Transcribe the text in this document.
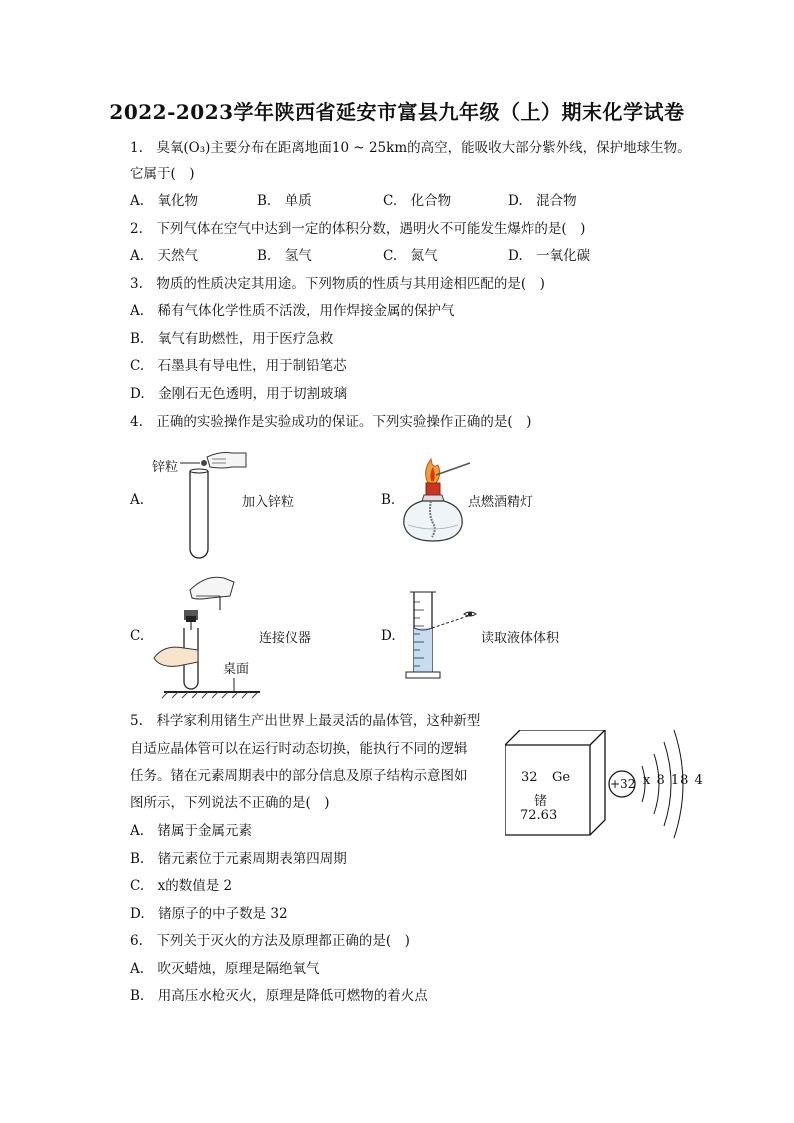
2022-2023学年陕西省延安市富县九年级（上）期末化学试卷
1.　臭氧(O₃)主要分布在距离地面10 ~ 25km的高空，能吸收大部分紫外线，保护地球生物。
它属于(　)
A.　氧化物	B.　单质	C.　化合物	D.　混合物
2.　下列气体在空气中达到一定的体积分数，遇明火不可能发生爆炸的是(　)
A.　天然气	B.　氢气	C.　氮气	D.　一氧化碳
3.　物质的性质决定其用途。下列物质的性质与其用途相匹配的是(　)
A.　稀有气体化学性质不活泼，用作焊接金属的保护气
B.　氧气有助燃性，用于医疗急救
C.　石墨具有导电性，用于制铅笔芯
D.　金刚石无色透明，用于切割玻璃
4.　正确的实验操作是实验成功的保证。下列实验操作正确的是(　)
A.	B.
C.	D.
锌粒
加入锌粒	点燃酒精灯
桌面
连接仪器	读取液体体积
5.　科学家利用锗生产出世界上最灵活的晶体管，这种新型
自适应晶体管可以在运行时动态切换，能执行不同的逻辑
任务。锗在元素周期表中的部分信息及原子结构示意图如
图所示，下列说法不正确的是(　)
A.　锗属于金属元素
B.　锗元素位于元素周期表第四周期
C.　x的数值是 2
D.　锗原子的中子数是 32
32 Ge
锗
72.63
+32 x 8 18 4
6.　下列关于灭火的方法及原理都正确的是(　)
A.　吹灭蜡烛，原理是隔绝氧气
B.　用高压水枪灭火，原理是降低可燃物的着火点
